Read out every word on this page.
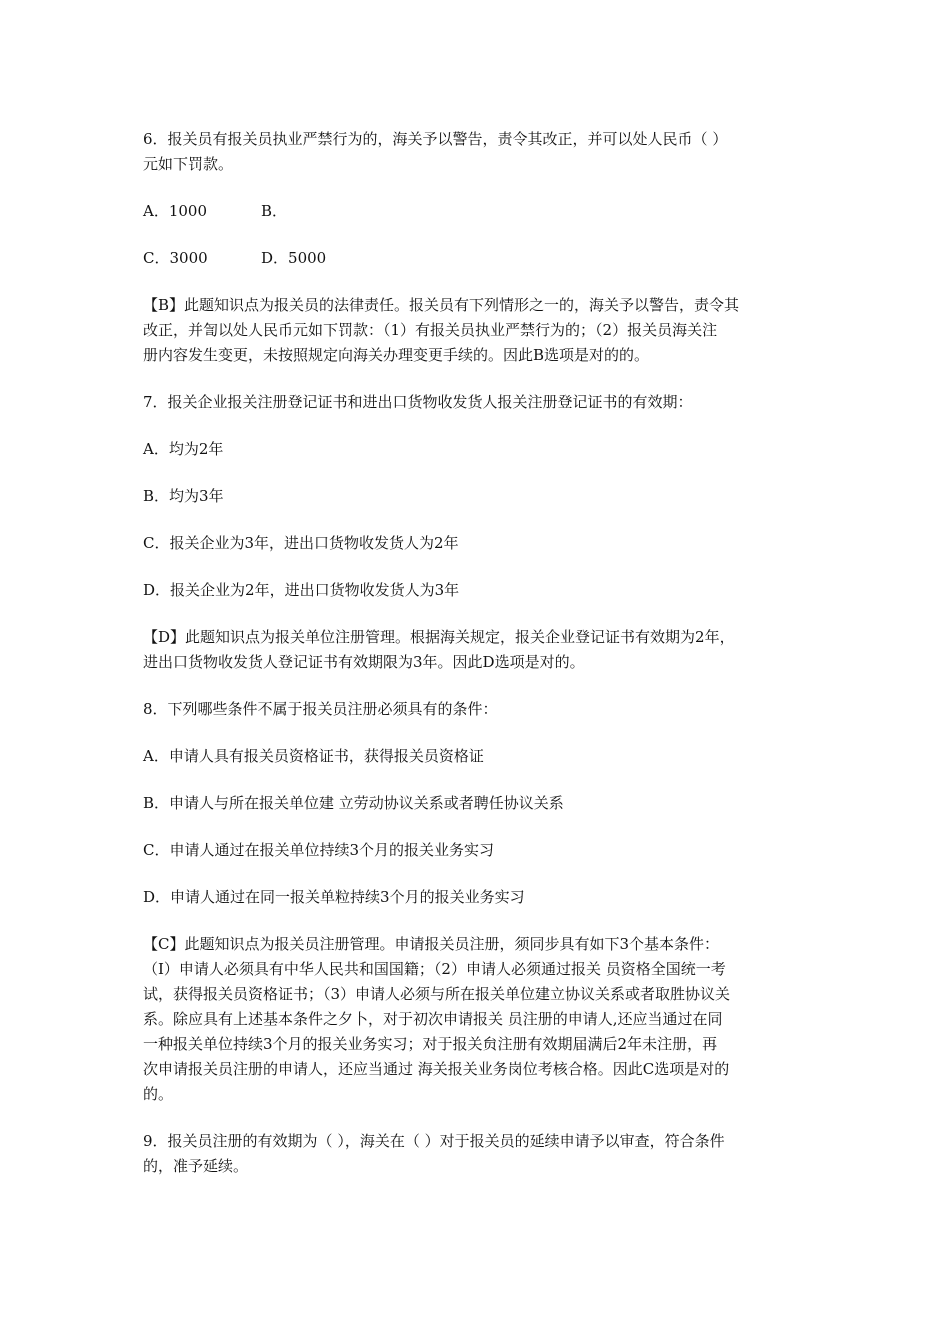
6．报关员有报关员执业严禁行为的，海关予以警告，责令其改正，并可以处人民币（ ）
元如下罚款。
A．1000	B．
C．3000	D．5000
【B】此题知识点为报关员的法律责任。报关员有下列情形之一的，海关予以警告，责令其
改正，并訇以处人民币元如下罚款：（1）有报关员执业严禁行为的；（2）报关员海关注
册内容发生变更，未按照规定向海关办理变更手续的。因此B选项是对的的。
7．报关企业报关注册登记证书和进出口货物收发货人报关注册登记证书的有效期：
A．均为2年
B．均为3年
C．报关企业为3年，进出口货物收发货人为2年
D．报关企业为2年，进出口货物收发货人为3年
【D】此题知识点为报关单位注册管理。根据海关规定，报关企业登记证书有效期为2年，
进出口货物收发货人登记证书有效期限为3年。因此D选项是对的。
8．下列哪些条件不属于报关员注册必须具有的条件：
A．申请人具有报关员资格证书，获得报关员资格证
B．申请人与所在报关单位建 立劳动协议关系或者聘任协议关系
C．申请人通过在报关单位持续3个月的报关业务实习
D．申请人通过在同一报关单粒持续3个月的报关业务实习
【C】此题知识点为报关员注册管理。申请报关员注册，须同步具有如下3个基本条件：
（I）申请人必须具有中华人民共和国国籍；（2）申请人必须通过报关 员资格全国统一考
试，获得报关员资格证书；（3）申请人必须与所在报关单位建立协议关系或者取胜协议关
系。除应具有上述基本条件之夕卜，对于初次申请报关 员注册的申请人,还应当通过在同
一种报关单位持续3个月的报关业务实习；对于报关贠注册有效期届满后2年未注册，再
次申请报关员注册的申请人，还应当通过 海关报关业务岗位考核合格。因此C选项是对的
的。
9．报关员注册的有效期为（ ），海关在（ ）对于报关员的延续申请予以审查，符合条件
的，准予延续。
